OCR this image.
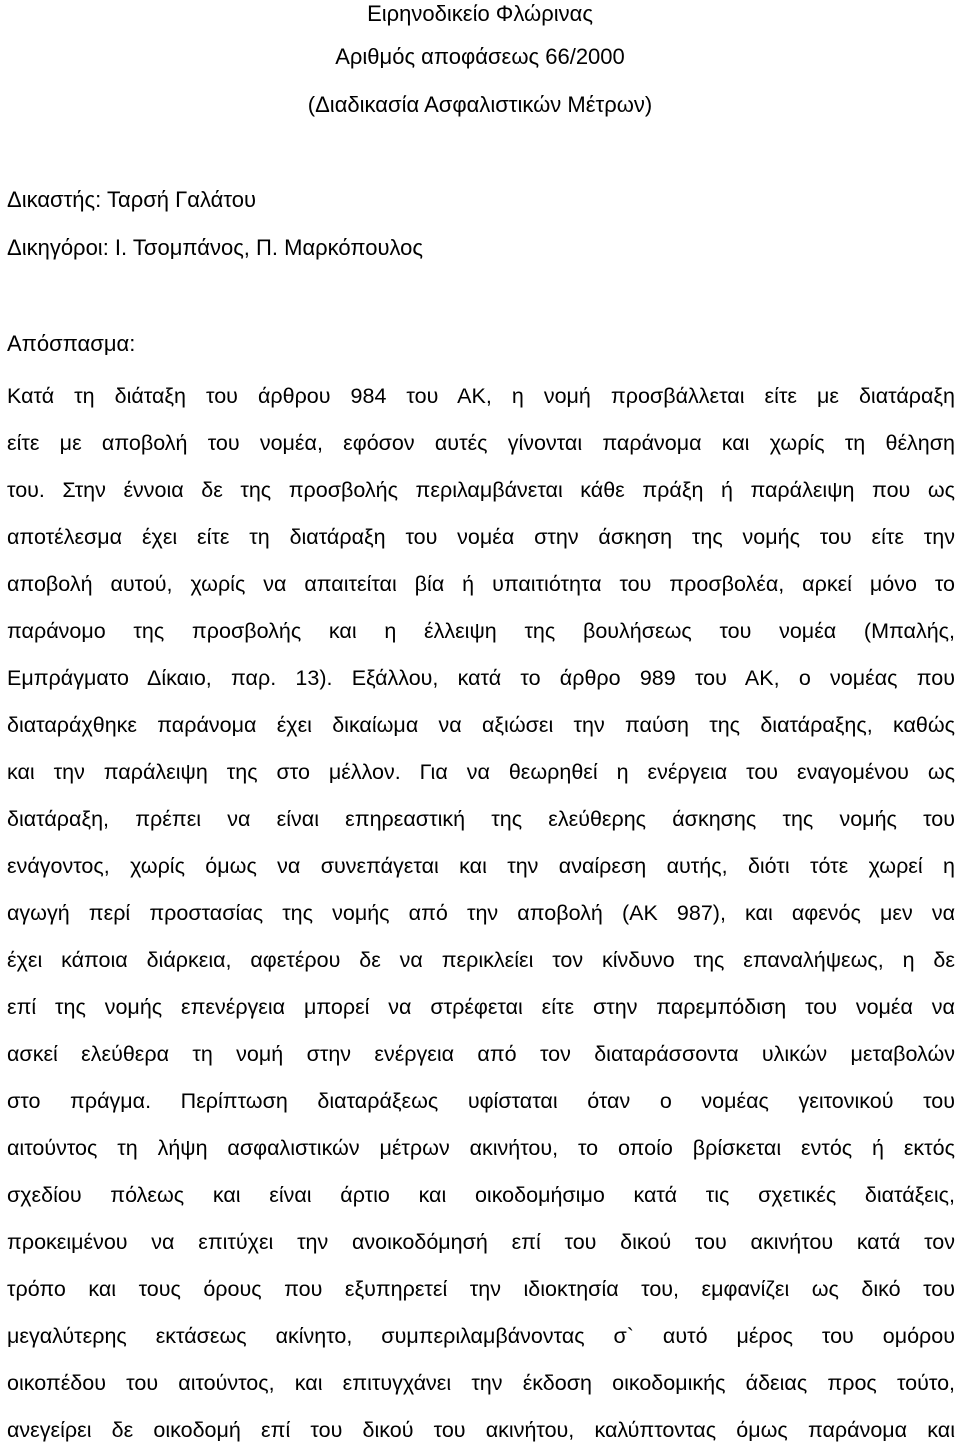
Ειρηνοδικείο Φλώρινας
Αριθμός αποφάσεως 66/2000
(Διαδικασία Ασφαλιστικών Μέτρων)
Δικαστής: Ταρσή Γαλάτου
Δικηγόροι: Ι. Τσομπάνος, Π. Μαρκόπουλος
Απόσπασμα:
Κατά τη διάταξη του άρθρου 984 του ΑΚ, η νομή προσβάλλεται είτε με διατάραξη
είτε με αποβολή του νομέα, εφόσον αυτές γίνονται παράνομα και χωρίς τη θέληση
του. Στην έννοια δε της προσβολής περιλαμβάνεται κάθε πράξη ή παράλειψη που ως
αποτέλεσμα έχει είτε τη διατάραξη του νομέα στην άσκηση της νομής του είτε την
αποβολή αυτού, χωρίς να απαιτείται βία ή υπαιτιότητα του προσβολέα, αρκεί μόνο το
παράνομο της προσβολής και η έλλειψη της βουλήσεως του νομέα (Μπαλής,
Εμπράγματο Δίκαιο, παρ. 13). Εξάλλου, κατά το άρθρο 989 του ΑΚ, ο νομέας που
διαταράχθηκε παράνομα έχει δικαίωμα να αξιώσει την παύση της διατάραξης, καθώς
και την παράλειψη της στο μέλλον. Για να θεωρηθεί η ενέργεια του εναγομένου ως
διατάραξη, πρέπει να είναι επηρεαστική της ελεύθερης άσκησης της νομής του
ενάγοντος, χωρίς όμως να συνεπάγεται και την αναίρεση αυτής, διότι τότε χωρεί η
αγωγή περί προστασίας της νομής από την αποβολή (ΑΚ 987), και αφενός μεν να
έχει κάποια διάρκεια, αφετέρου δε να περικλείει τον κίνδυνο της επαναλήψεως, η δε
επί της νομής επενέργεια μπορεί να στρέφεται είτε στην παρεμπόδιση του νομέα να
ασκεί ελεύθερα τη νομή στην ενέργεια από τον διαταράσσοντα υλικών μεταβολών
στο πράγμα. Περίπτωση διαταράξεως υφίσταται όταν ο νομέας γειτονικού του
αιτούντος τη λήψη ασφαλιστικών μέτρων ακινήτου, το οποίο βρίσκεται εντός ή εκτός
σχεδίου πόλεως και είναι άρτιο και οικοδομήσιμο κατά τις σχετικές διατάξεις,
προκειμένου να επιτύχει την ανοικοδόμησή επί του δικού του ακινήτου κατά τον
τρόπο και τους όρους που εξυπηρετεί την ιδιοκτησία του, εμφανίζει ως δικό του
μεγαλύτερης εκτάσεως ακίνητο, συμπεριλαμβάνοντας σ` αυτό μέρος του ομόρου
οικοπέδου του αιτούντος, και επιτυγχάνει την έκδοση οικοδομικής άδειας προς τούτο,
ανεγείρει δε οικοδομή επί του δικού του ακινήτου, καλύπτοντας όμως παράνομα και
